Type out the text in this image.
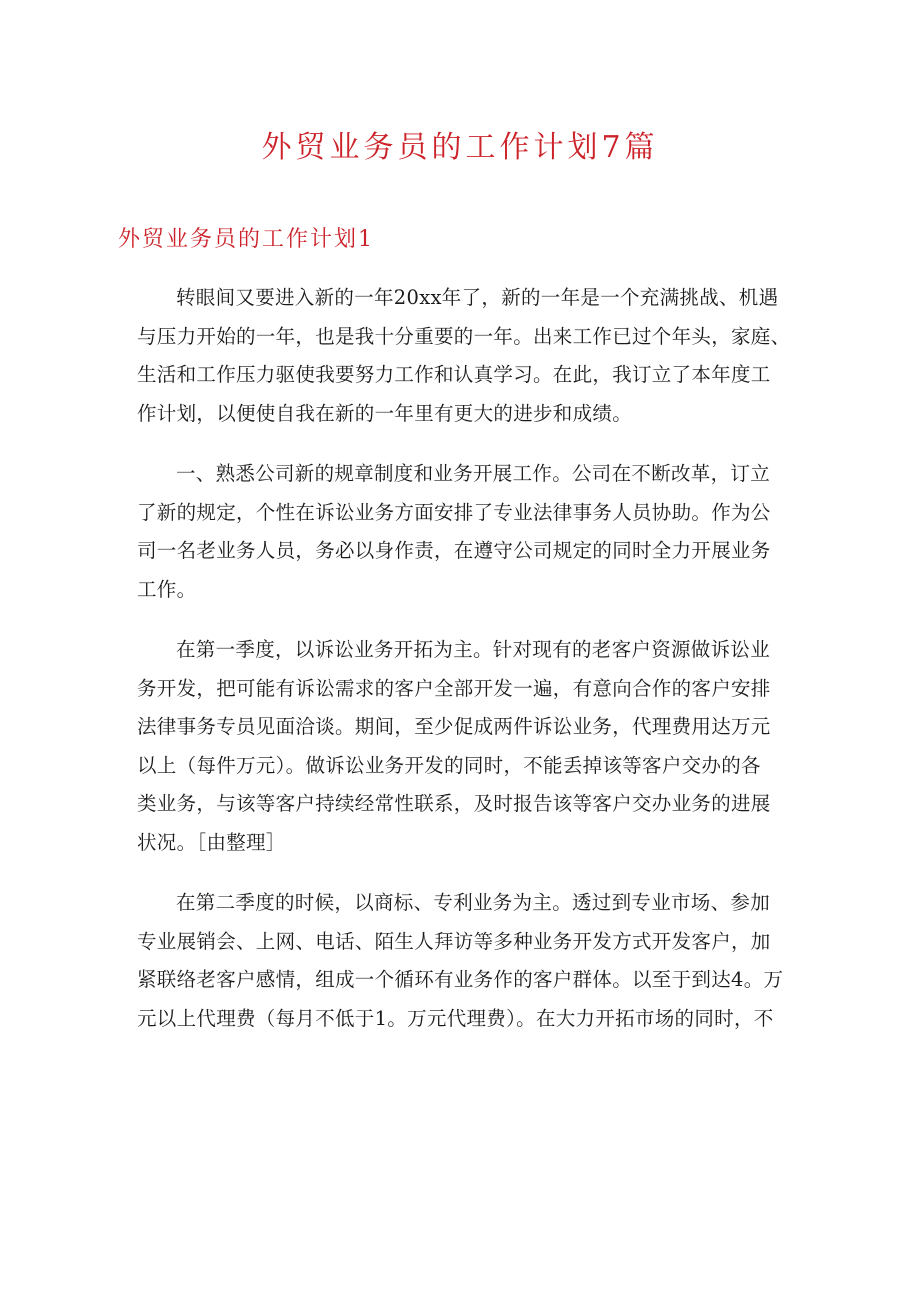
外贸业务员的工作计划7篇
外贸业务员的工作计划1

转眼间又要进入新的一年20xx年了，新的一年是一个充满挑战、机遇
与压力开始的一年，也是我十分重要的一年。出来工作已过个年头，家庭、
生活和工作压力驱使我要努力工作和认真学习。在此，我订立了本年度工
作计划，以便使自我在新的一年里有更大的进步和成绩。

一、熟悉公司新的规章制度和业务开展工作。公司在不断改革，订立
了新的规定，个性在诉讼业务方面安排了专业法律事务人员协助。作为公
司一名老业务人员，务必以身作责，在遵守公司规定的同时全力开展业务
工作。

在第一季度，以诉讼业务开拓为主。针对现有的老客户资源做诉讼业
务开发，把可能有诉讼需求的客户全部开发一遍，有意向合作的客户安排
法律事务专员见面洽谈。期间，至少促成两件诉讼业务，代理费用达万元
以上（每件万元）。做诉讼业务开发的同时，不能丢掉该等客户交办的各
类业务，与该等客户持续经常性联系，及时报告该等客户交办业务的进展
状况。［由整理］

在第二季度的时候，以商标、专利业务为主。透过到专业市场、参加
专业展销会、上网、电话、陌生人拜访等多种业务开发方式开发客户，加
紧联络老客户感情，组成一个循环有业务作的客户群体。以至于到达4。万
元以上代理费（每月不低于1。万元代理费）。在大力开拓市场的同时，不
